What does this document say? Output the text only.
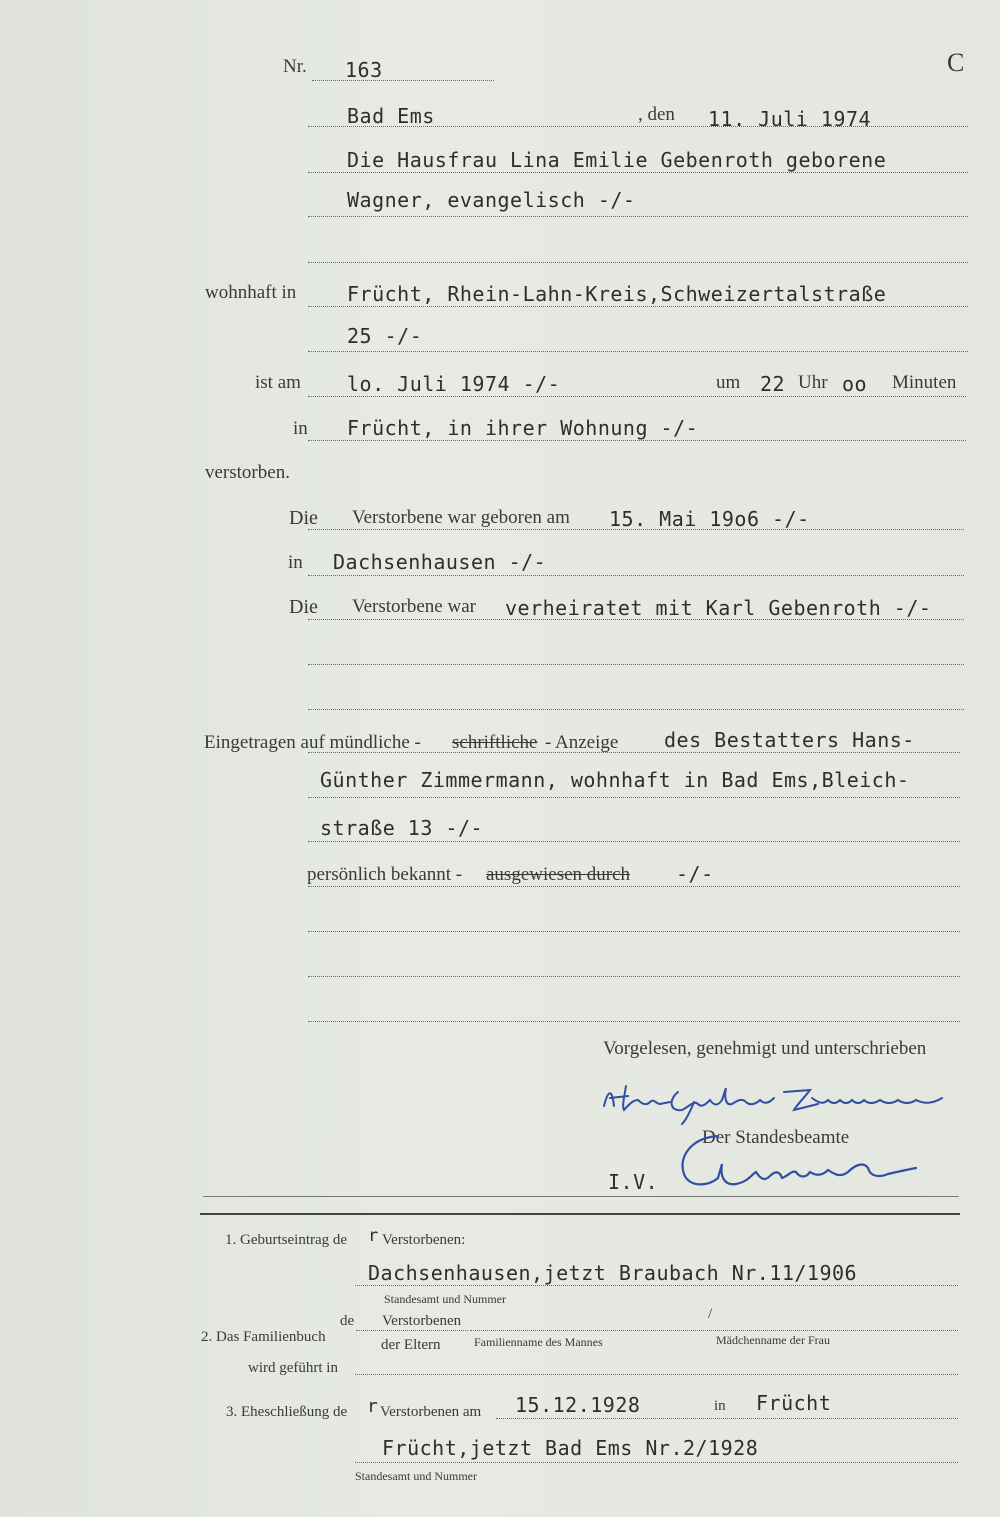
Nr. 163	C
Bad Ems	, den 11. Juli 1974
Die Hausfrau Lina Emilie Gebenroth geborene
Wagner, evangelisch -/-
wohnhaft in	Frücht, Rhein-Lahn-Kreis,Schweizertalstraße
25 -/-
ist am lo. Juli 1974 -/-	um 22 Uhr oo Minuten
in Frücht, in ihrer Wohnung -/-
verstorben.
Die Verstorbene war geboren am 15. Mai 19o6 -/-
in Dachsenhausen -/-
Die Verstorbene war verheiratet mit Karl Gebenroth -/-
Eingetragen auf mündliche - schriftliche - Anzeige des Bestatters Hans-
Günther Zimmermann, wohnhaft in Bad Ems,Bleich-
straße 13 -/-
persönlich bekannt - ausgewiesen durch -/-
Vorgelesen, genehmigt und unterschrieben
Der Standesbeamte
I.V.
1. Geburtseintrag de r Verstorbenen:
Dachsenhausen,jetzt Braubach Nr.11/1906
Standesamt und Nummer
de Verstorbenen	/
2. Das Familienbuch	Familienname des Mannes	Mädchenname der Frau
der Eltern
wird geführt in
3. Eheschließung de r Verstorbenen am 15.12.1928	in Frücht
Frücht,jetzt Bad Ems Nr.2/1928
Standesamt und Nummer
